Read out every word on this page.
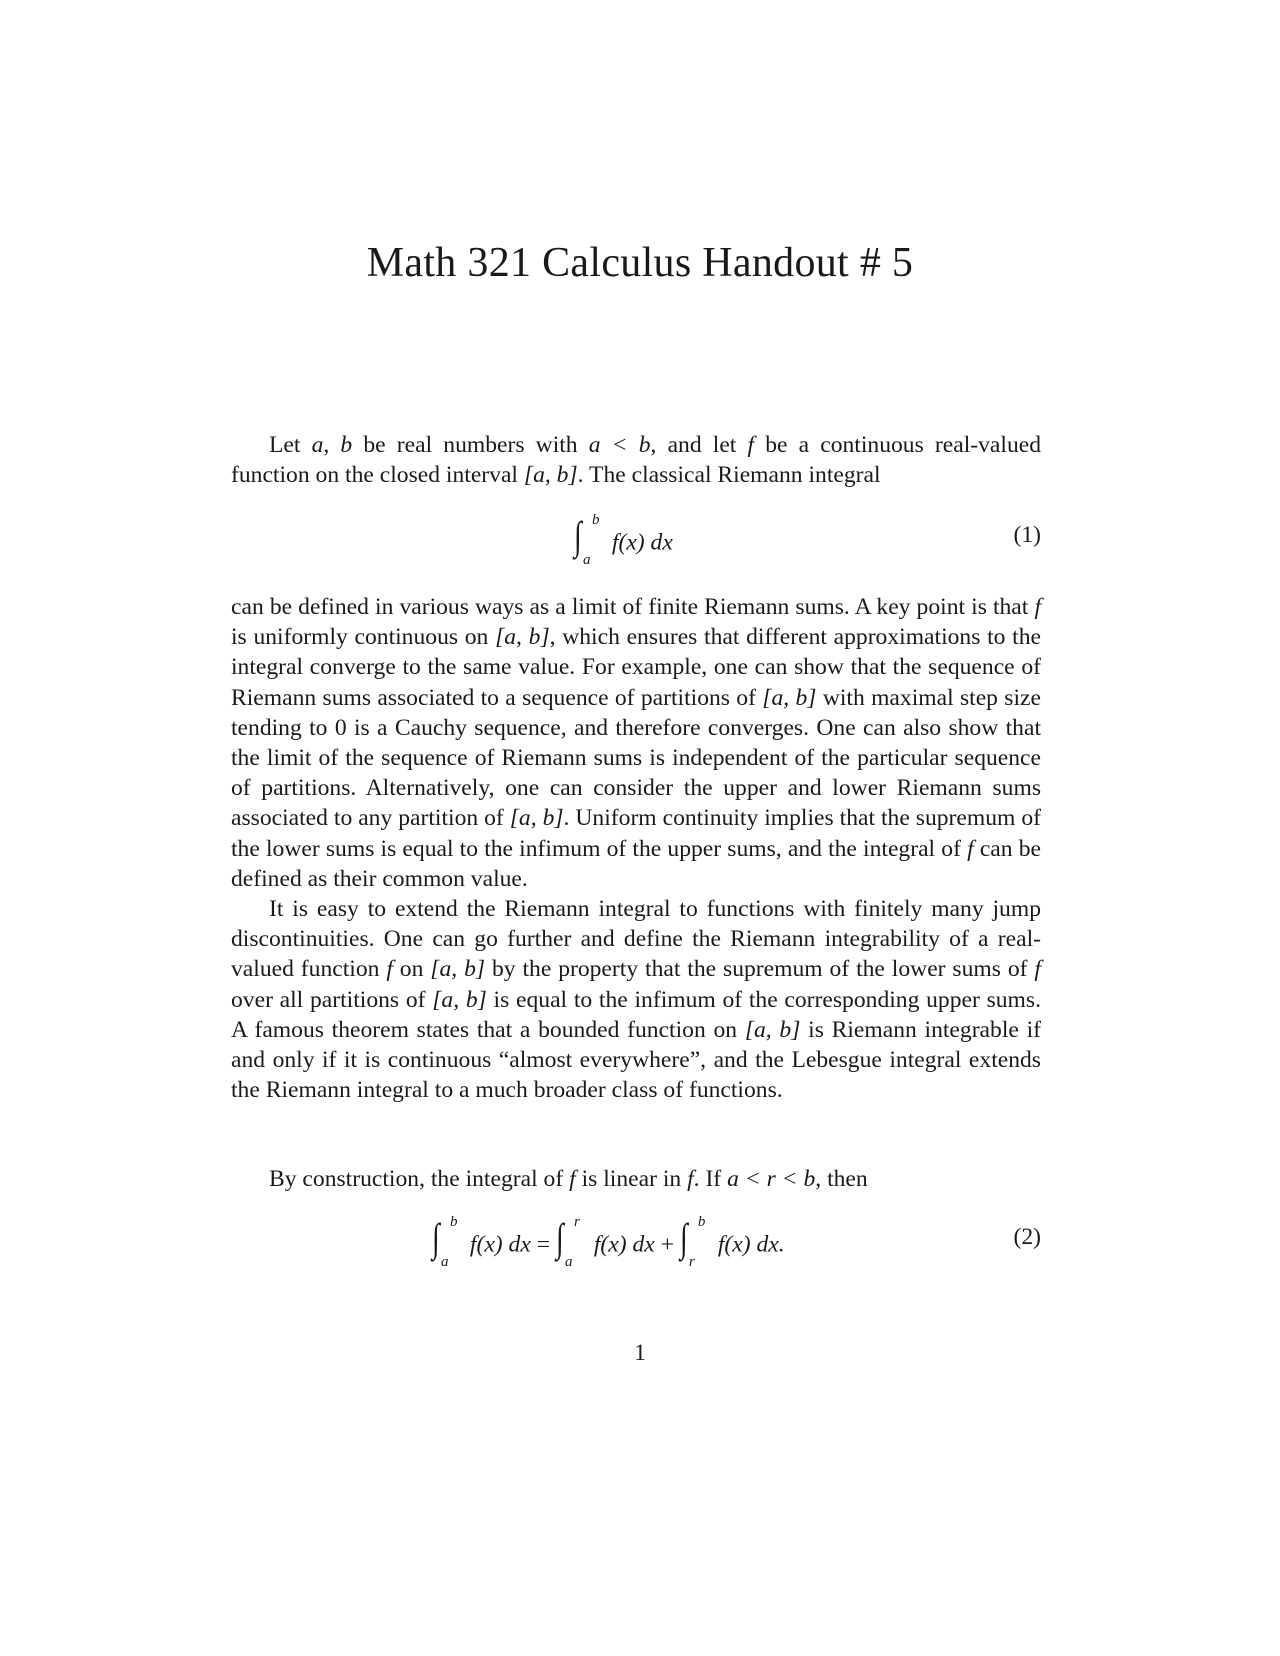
Math 321 Calculus Handout # 5

Let a, b be real numbers with a < b, and let f be a continuous real-valued function on the closed interval [a, b]. The classical Riemann integral

∫ b
a
f(x) dx	(1)

can be defined in various ways as a limit of finite Riemann sums. A key point is that f is uniformly continuous on [a, b], which ensures that different approximations to the integral converge to the same value. For example, one can show that the sequence of Riemann sums associated to a sequence of partitions of [a, b] with maximal step size tending to 0 is a Cauchy sequence, and therefore converges. One can also show that the limit of the sequence of Riemann sums is independent of the particular sequence of partitions. Alternatively, one can consider the upper and lower Riemann sums associated to any partition of [a, b]. Uniform continuity implies that the supremum of the lower sums is equal to the infimum of the upper sums, and the integral of f can be defined as their common value.

It is easy to extend the Riemann integral to functions with finitely many jump discontinuities. One can go further and define the Riemann integrability of a real-valued function f on [a, b] by the property that the supremum of the lower sums of f over all partitions of [a, b] is equal to the infimum of the corresponding upper sums. A famous theorem states that a bounded function on [a, b] is Riemann integrable if and only if it is continuous “almost everywhere”, and the Lebesgue integral extends the Riemann integral to a much broader class of functions.

By construction, the integral of f is linear in f. If a < r < b, then

∫ b
a
f(x) dx = ∫ r
a
f(x) dx + ∫ b
r
f(x) dx.	(2)
1
